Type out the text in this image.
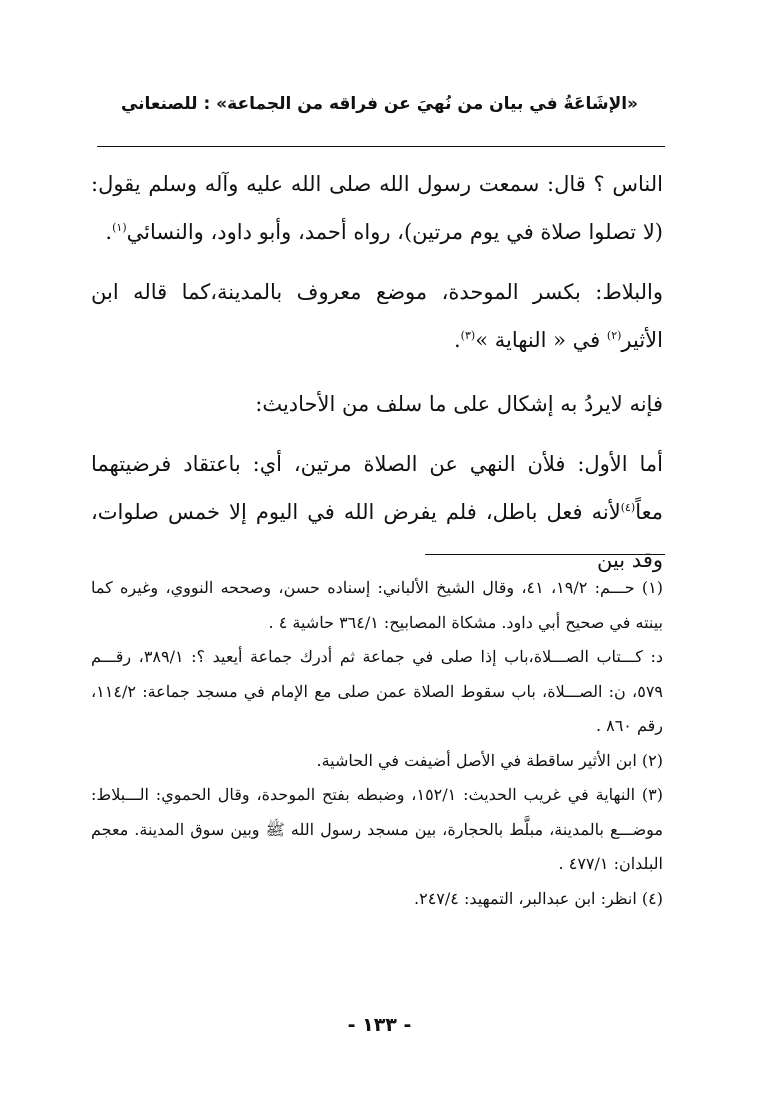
«الإشَاعَةُ في بيان من نُهيَ عن فراقه من الجماعة» : للصنعاني

الناس ؟ قال: سمعت رسول الله صلى الله عليه وآله وسلم يقول: (لا تصلوا صلاة في يوم مرتين)، رواه أحمد، وأبو داود، والنسائي$^{(١)}$.

والبلاط: بكسر الموحدة، موضع معروف بالمدينة،كما قاله ابن الأثير$^{(٢)}$ في « النهاية »$^{(٣)}$.

فإنه لايردُ به إشكال على ما سلف من الأحاديث:

أما الأول: فلأن النهي عن الصلاة مرتين، أي: باعتقاد فرضيتهما معاً$^{(٤)}$لأنه فعل باطل، فلم يفرض الله في اليوم إلا خمس صلوات، وقد بين

(١) حـــم: ١٩/٢، ٤١، وقال الشيخ الألباني: إسناده حسن، وصححه النووي، وغيره كما بينته في صحيح أبي داود. مشكاة المصابيح: ٣٦٤/١ حاشية ٤ .

د: كـــتاب الصـــلاة،باب إذا صلى في جماعة ثم أدرك جماعة أيعيد ؟: ٣٨٩/١، رقـــم ٥٧٩، ن: الصـــلاة، باب سقوط الصلاة عمن صلى مع الإمام في مسجد جماعة: ١١٤/٢، رقم ٨٦٠ .

(٢) ابن الأثير ساقطة في الأصل أضيفت في الحاشية.

(٣) النهاية في غريب الحديث: ١٥٢/١، وضبطه بفتح الموحدة، وقال الحموي: الـــبلاط: موضـــع بالمدينة، مبلَّط بالحجارة، بين مسجد رسول الله ﷺ وبين سوق المدينة. معجم البلدان: ٤٧٧/١ .

(٤) انظر: ابن عبدالبر، التمهيد: ٢٤٧/٤.

- ١٣٣ -
